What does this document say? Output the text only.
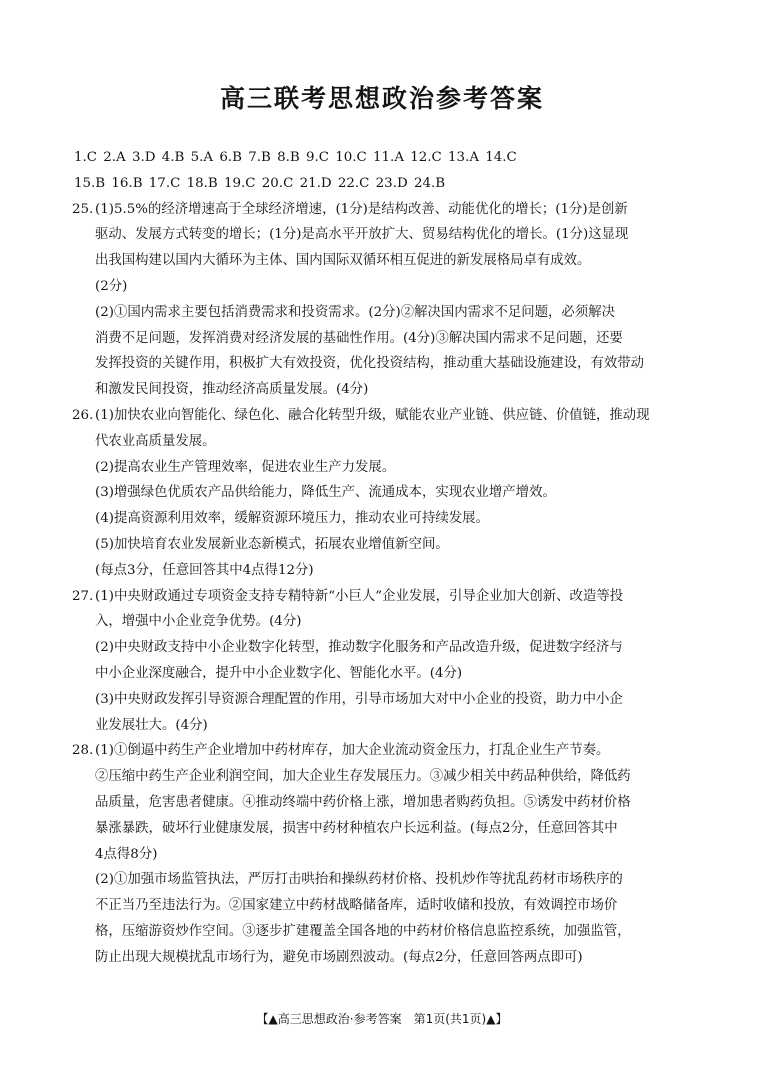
高三联考思想政治参考答案
1.C 2.A 3.D 4.B 5.A 6.B 7.B 8.B 9.C 10.C 11.A 12.C 13.A 14.C
15.B 16.B 17.C 18.B 19.C 20.C 21.D 22.C 23.D 24.B
25. (1)5.5%的经济增速高于全球经济增速，(1分)是结构改善、动能优化的增长；(1分)是创新
驱动、发展方式转变的增长；(1分)是高水平开放扩大、贸易结构优化的增长。(1分)这显现
出我国构建以国内大循环为主体、国内国际双循环相互促进的新发展格局卓有成效。
(2分)
(2)①国内需求主要包括消费需求和投资需求。(2分)②解决国内需求不足问题，必须解决
消费不足问题，发挥消费对经济发展的基础性作用。(4分)③解决国内需求不足问题，还要
发挥投资的关键作用，积极扩大有效投资，优化投资结构，推动重大基础设施建设，有效带动
和激发民间投资，推动经济高质量发展。(4分)
26. (1)加快农业向智能化、绿色化、融合化转型升级，赋能农业产业链、供应链、价值链，推动现
代农业高质量发展。
(2)提高农业生产管理效率，促进农业生产力发展。
(3)增强绿色优质农产品供给能力，降低生产、流通成本，实现农业增产增效。
(4)提高资源利用效率，缓解资源环境压力，推动农业可持续发展。
(5)加快培育农业发展新业态新模式，拓展农业增值新空间。
(每点3分，任意回答其中4点得12分)
27. (1)中央财政通过专项资金支持专精特新“小巨人”企业发展，引导企业加大创新、改造等投
入，增强中小企业竞争优势。(4分)
(2)中央财政支持中小企业数字化转型，推动数字化服务和产品改造升级，促进数字经济与
中小企业深度融合，提升中小企业数字化、智能化水平。(4分)
(3)中央财政发挥引导资源合理配置的作用，引导市场加大对中小企业的投资，助力中小企
业发展壮大。(4分)
28. (1)①倒逼中药生产企业增加中药材库存，加大企业流动资金压力，打乱企业生产节奏。
②压缩中药生产企业利润空间，加大企业生存发展压力。③减少相关中药品种供给，降低药
品质量，危害患者健康。④推动终端中药价格上涨，增加患者购药负担。⑤诱发中药材价格
暴涨暴跌，破坏行业健康发展，损害中药材种植农户长远利益。(每点2分，任意回答其中
4点得8分)
(2)①加强市场监管执法，严厉打击哄抬和操纵药材价格、投机炒作等扰乱药材市场秩序的
不正当乃至违法行为。②国家建立中药材战略储备库，适时收储和投放，有效调控市场价
格，压缩游资炒作空间。③逐步扩建覆盖全国各地的中药材价格信息监控系统，加强监管，
防止出现大规模扰乱市场行为，避免市场剧烈波动。(每点2分，任意回答两点即可)
【▲高三思想政治·参考答案　第1页(共1页)▲】
